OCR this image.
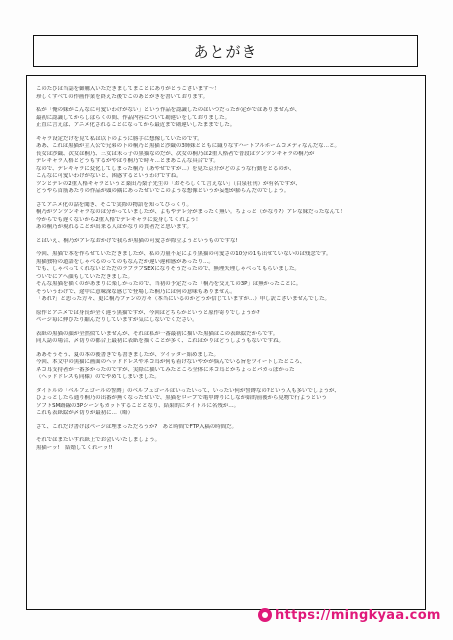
あとがき
このたびは当誌を御購入いただきましてまことにありがとうございます～！
珍しくすべての作画作業を終えた後でこのあとがきを書いております。
私が「俺の妹がこんなに可愛いわけがない」という作品を認識したのはいつだったか定かではありませんが、
最初に認識してからしばらくの間、作品内容について勘違いをしておりました。
正直に言えば、アニメ化されることになってから最近まで勘違いしたままでした。
キャラ设定だけを見て私は以下のように勝手に想像していたのです。
ああ、これは黒猫が主人公で兄弟の下の桐乃と黒猫と沙織の3姉妹とともに織りなすハートフルホームコメディなんだな…と。
長女は沙織、次女は桐乃、三女は末っ子の黒猫なのだが、次女の桐乃は2重人格者で普段はツンツンキャラの桐乃が
デレキャラ人格とどうもするがやはり桐乃で時々…とまあこんな具合です。
なので、デレキャラに変化してしまった桐乃（あやせですが…）を見た京介がどのような行動をとるのか、
こんなに可愛いわけがないと、困惑するというわけですね。
ツンとデレの2重人格キャラというと桑田乃梨子先生の「おそろしくて言えない」（白泉社刊）が有名ですが、
どうやら首筋あたりの作品が頭の隅にあったせいでこのような想像というか妄想が膨らんだのでしょう。
さてアニメ化の話を聞き、そこで実際の物語を知ってびっくり。
桐乃がツンツンキャラなのは分かっていましたが、よもやデレ分がまったく無い。ちょっと（かなり?）アレな妹だったなんて！
今からでも遅くないから2重人格でデレキャラに変身してくれよう！
あの桐乃が現れることが出来る人はかなりの貫者だと思います。
とはいえ、桐乃がアレなおかげで我らが黒猫の可愛さが際立ようというものですな!
今回、黒猫で本を作らせていただきましたが、私の力量不足により黒猫の可愛さの10分の1も出せていないのは残念です。
黒猫独特の道語をしゃべるのってのもなんだか違い違和感があったり…。
でも、しゃべってくれないとただのラブラブSEXになりそうだったので、無理矢理しゃべってもらいました。
ついでにアへ顔もしていただきました。
そんな黒猫を描くのがあまりに楽しかったので、当初の予定だった「桐乃を交えての3P」は無かったことに。
そういうわけで、途中に意味深な感じで登場した桐乃には何の意味もありません。
「あれ?」と思った方々、更に桐乃ファンの方々（本当にいるのかどうか信じていますが…）申し訳ございませんでした。
原作とアニメでは身長が全く違う黒猫ですが、今回はどちらかというと原作寄りでしょうか?
ページ毎に伸びたり縮んだりしていますが気にしないでください。
表紙の黒猫の顔が全然似ていませんが、それは私が一番最初に描いた黒猫はこの表紙絵だからです。
同人誌の場合、〆切りの都合上最初に表紙を描くことが多く、これはかりはどうしようもないですね。
ああそうそう、夏の本の後書きでも書きましたが、ツイッター始めました。
今回、本文中の黒猫に画面のヘッドドレスやネコ耳が何も着けないやかが悩んでいる旨をツイートしたところ、
ネコ耳支持者が一番多かったのですが、実際に描いてみたところ全体にネコ耳とかちょっとバカっぽかった
（ヘッドドレスも同様）のでやめてしまいました。
タイトルの「ベルフェゴールの誓縛」のベルフェゴールはいったいって、いったい何が誓縛なの?という人も多いでしょうが、
ひょっとしたら通り桐乃の出番が無くなったせいで、黒猫をロープで亀甲縛りにしなが始的前後から見物で行ようという
ソフトSM路線の3Pシーンもカットすることとなり、結果的にタイトルに名残が…。
これも表紙絵が〆切りが最初に…（略）
さて、これだけ書けばページは埋まっただろうか?　あと時間でFTP入稿の時間だ。
それではまたいずれ紙上でお会いいたしましょう。
黒猫ーッ!　結婚してくれーッ!!
https://mingkyaa.com
